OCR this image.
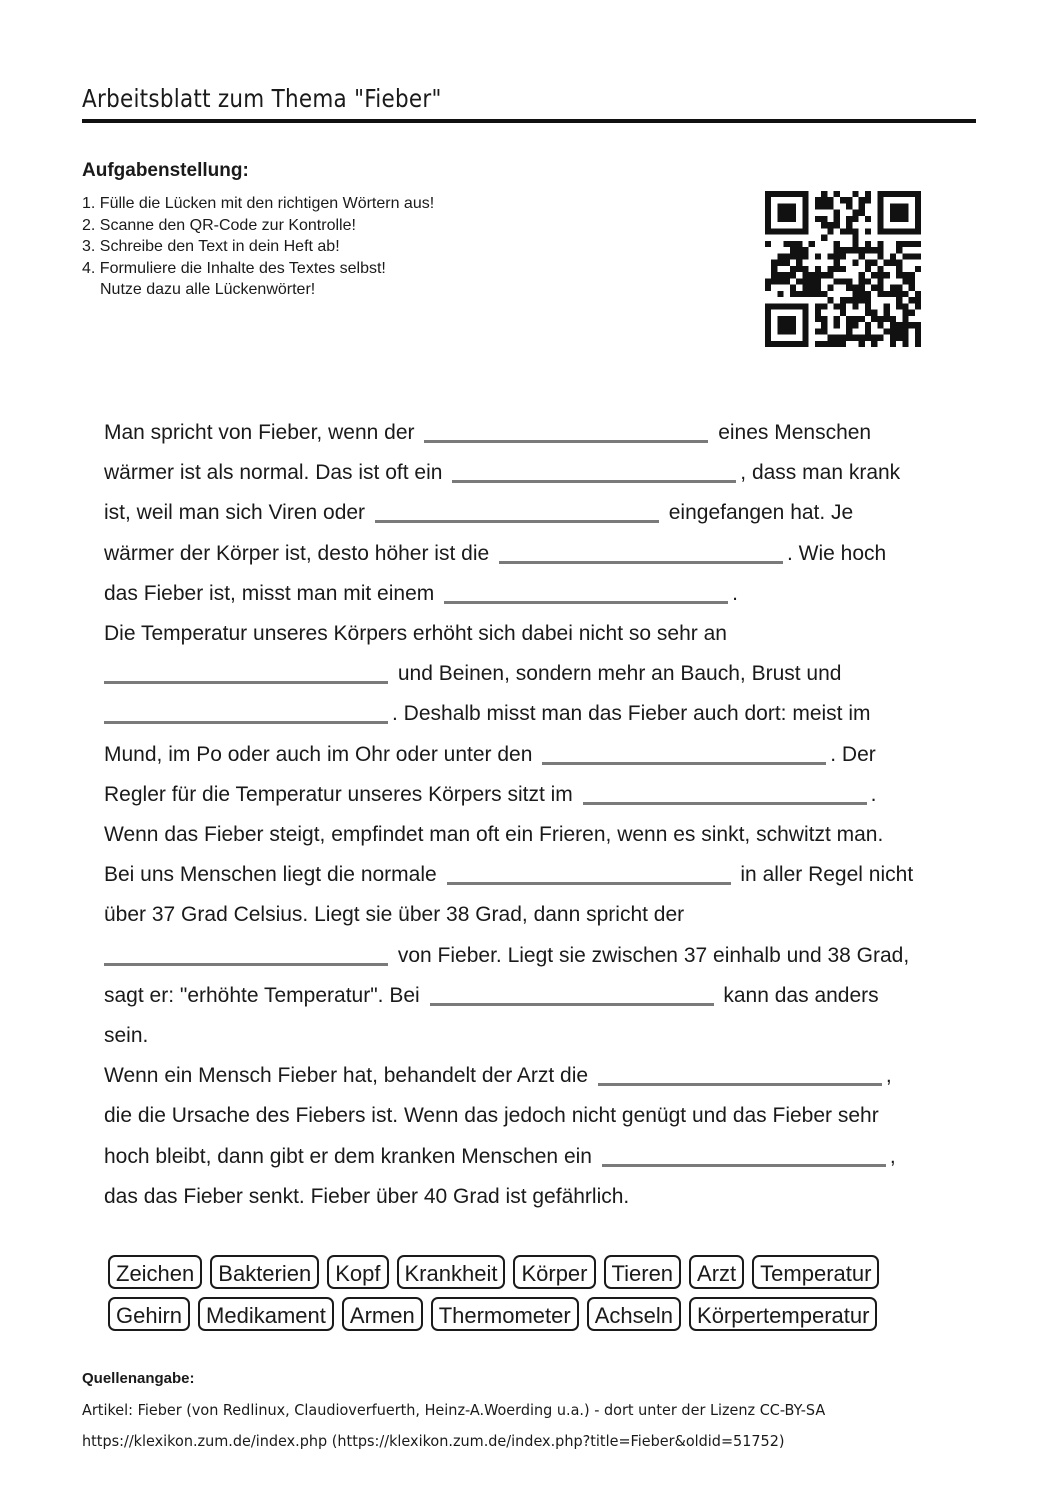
Arbeitsblatt zum Thema "Fieber"
Aufgabenstellung:
1. Fülle die Lücken mit den richtigen Wörtern aus!
2. Scanne den QR-Code zur Kontrolle!
3. Schreibe den Text in dein Heft ab!
4. Formuliere die Inhalte des Textes selbst!
Nutze dazu alle Lückenwörter!

Man spricht von Fieber, wenn der	eines Menschen

wärmer ist als normal. Das ist oft ein	, dass man krank

ist, weil man sich Viren oder	eingefangen hat. Je

wärmer der Körper ist, desto höher ist die	. Wie hoch

das Fieber ist, misst man mit einem	.

Die Temperatur unseres Körpers erhöht sich dabei nicht so sehr an

und Beinen, sondern mehr an Bauch, Brust und

. Deshalb misst man das Fieber auch dort: meist im

Mund, im Po oder auch im Ohr oder unter den	. Der

Regler für die Temperatur unseres Körpers sitzt im	.

Wenn das Fieber steigt, empfindet man oft ein Frieren, wenn es sinkt, schwitzt man.

Bei uns Menschen liegt die normale	in aller Regel nicht

über 37 Grad Celsius. Liegt sie über 38 Grad, dann spricht der

von Fieber. Liegt sie zwischen 37 einhalb und 38 Grad,

sagt er: "erhöhte Temperatur". Bei	kann das anders

sein.

Wenn ein Mensch Fieber hat, behandelt der Arzt die	,

die die Ursache des Fiebers ist. Wenn das jedoch nicht genügt und das Fieber sehr

hoch bleibt, dann gibt er dem kranken Menschen ein	,

das das Fieber senkt. Fieber über 40 Grad ist gefährlich.

Zeichen	Bakterien	Kopf	Krankheit	Körper	Tieren	Arzt	Temperatur
Gehirn	Medikament	Armen	Thermometer	Achseln	Körpertemperatur
Quellenangabe:

Artikel: Fieber (von Redlinux, Claudioverfuerth, Heinz-A.Woerding u.a.) - dort unter der Lizenz CC-BY-SA

https://klexikon.zum.de/index.php (https://klexikon.zum.de/index.php?title=Fieber&oldid=51752)
